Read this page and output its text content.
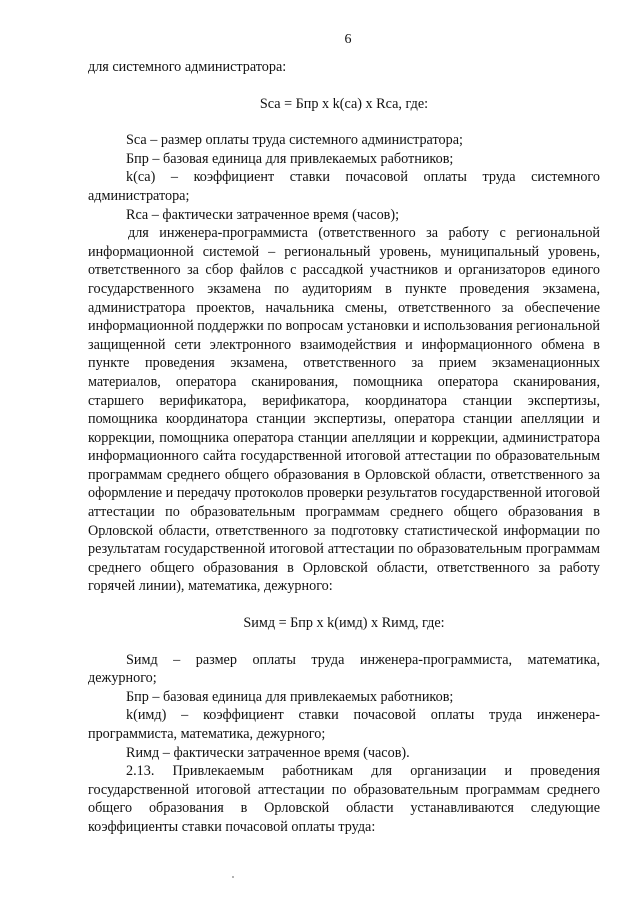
6

для системного администратора:

Sса = Бпр х k(са) х Rса, где:

Sса – размер оплаты труда системного администратора;

Бпр – базовая единица для привлекаемых работников;

k(са) – коэффициент ставки почасовой оплаты труда системного администратора;

Rса – фактически затраченное время (часов);

для инженера-программиста (ответственного за работу с региональной информационной системой – региональный уровень, муниципальный уровень, ответственного за сбор файлов с рассадкой участников и организаторов единого государственного экзамена по аудиториям в пункте проведения экзамена, администратора проектов, начальника смены, ответственного за обеспечение информационной поддержки по вопросам установки и использования региональной защищенной сети электронного взаимодействия и информационного обмена в пункте проведения экзамена, ответственного за прием экзаменационных материалов, оператора сканирования, помощника оператора сканирования, старшего верификатора, верификатора, координатора станции экспертизы, помощника координатора станции экспертизы, оператора станции апелляции и коррекции, помощника оператора станции апелляции и коррекции, администратора информационного сайта государственной итоговой аттестации по образовательным программам среднего общего образования в Орловской области, ответственного за оформление и передачу протоколов проверки результатов государственной итоговой аттестации по образовательным программам среднего общего образования в Орловской области, ответственного за подготовку статистической информации по результатам государственной итоговой аттестации по образовательным программам среднего общего образования в Орловской области, ответственного за работу горячей линии), математика, дежурного:

Sимд = Бпр х k(имд) х Rимд, где:

Sимд – размер оплаты труда инженера-программиста, математика, дежурного;

Бпр – базовая единица для привлекаемых работников;

k(имд) – коэффициент ставки почасовой оплаты труда инженера-программиста, математика, дежурного;

Rимд – фактически затраченное время (часов).

2.13. Привлекаемым работникам для организации и проведения государственной итоговой аттестации по образовательным программам среднего общего образования в Орловской области устанавливаются следующие коэффициенты ставки почасовой оплаты труда:
